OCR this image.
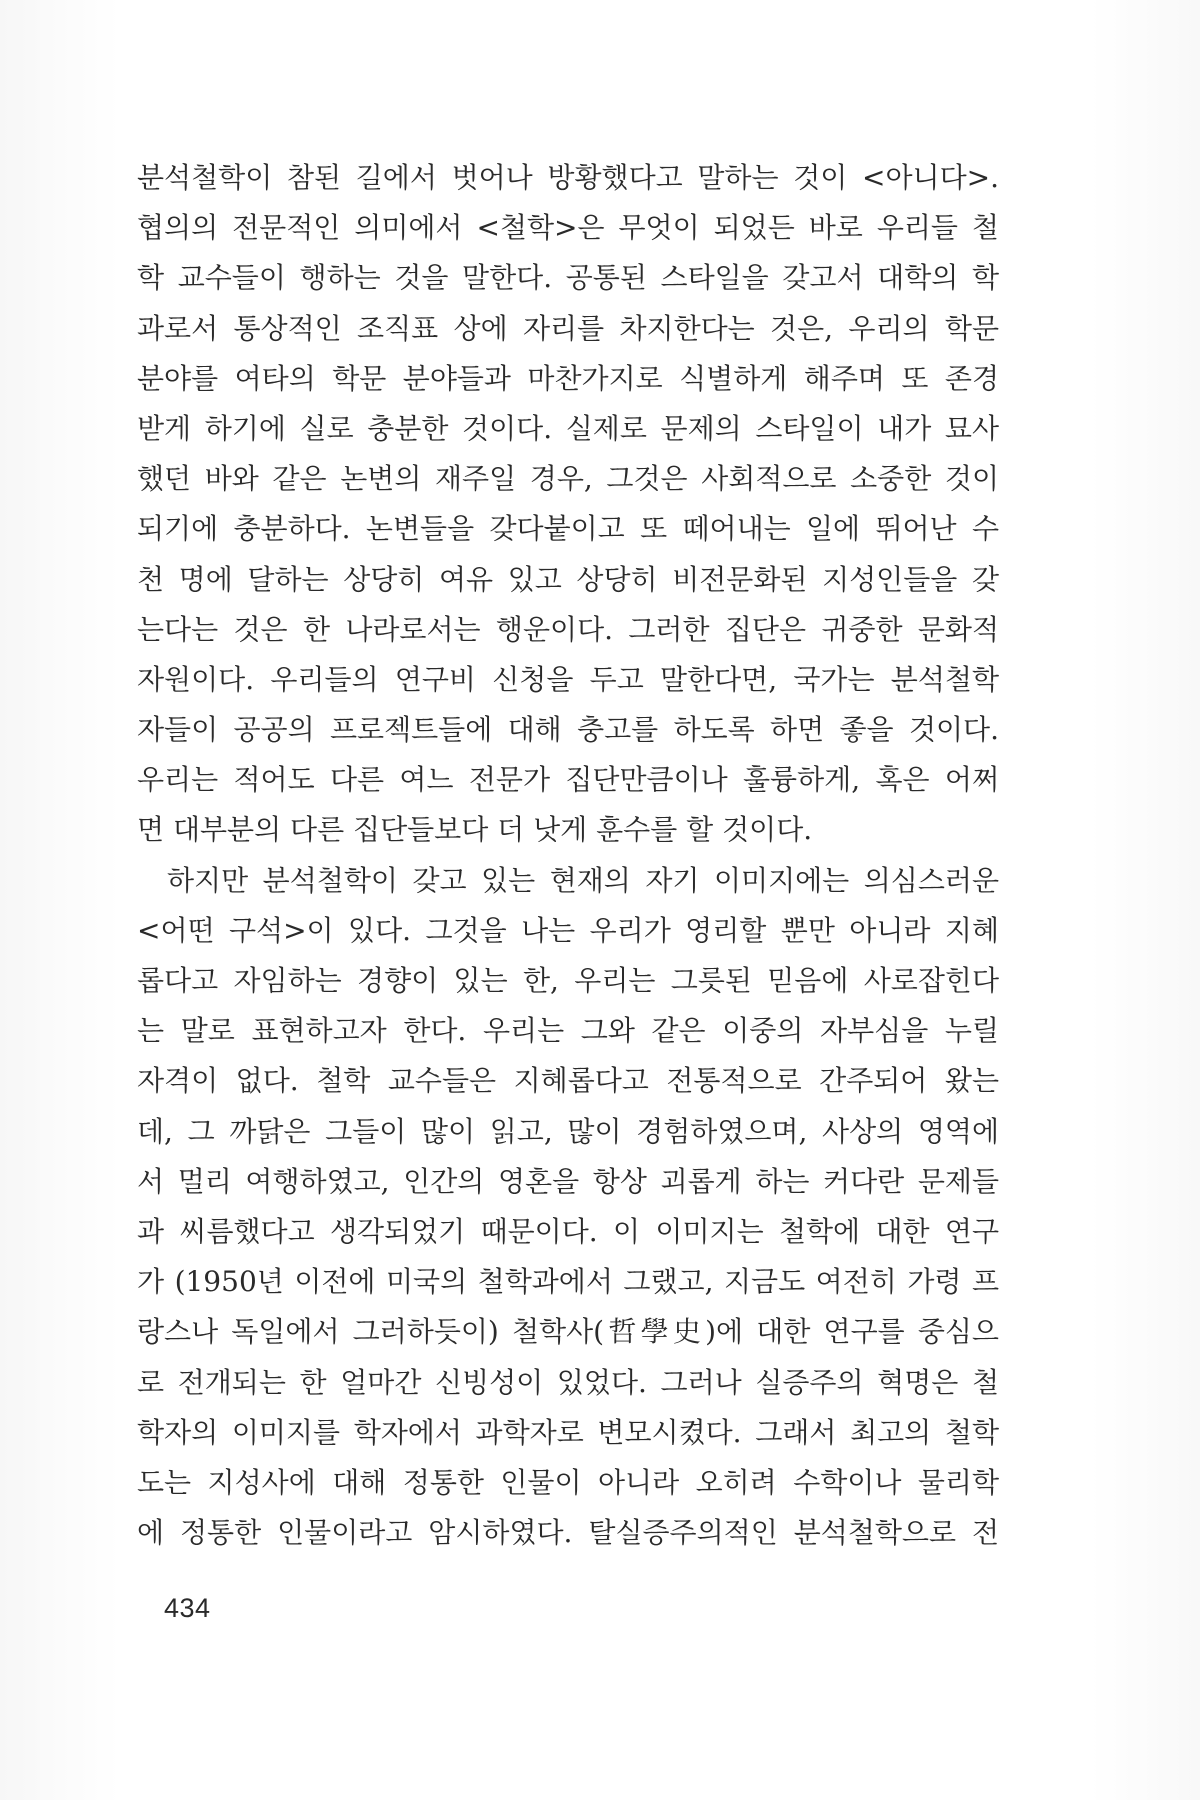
분석철학이 참된 길에서 벗어나 방황했다고 말하는 것이 <아니다>.
협의의 전문적인 의미에서 <철학>은 무엇이 되었든 바로 우리들 철
학 교수들이 행하는 것을 말한다. 공통된 스타일을 갖고서 대학의 학
과로서 통상적인 조직표 상에 자리를 차지한다는 것은, 우리의 학문
분야를 여타의 학문 분야들과 마찬가지로 식별하게 해주며 또 존경
받게 하기에 실로 충분한 것이다. 실제로 문제의 스타일이 내가 묘사
했던 바와 같은 논변의 재주일 경우, 그것은 사회적으로 소중한 것이
되기에 충분하다. 논변들을 갖다붙이고 또 떼어내는 일에 뛰어난 수
천 명에 달하는 상당히 여유 있고 상당히 비전문화된 지성인들을 갖
는다는 것은 한 나라로서는 행운이다. 그러한 집단은 귀중한 문화적
자원이다. 우리들의 연구비 신청을 두고 말한다면, 국가는 분석철학
자들이 공공의 프로젝트들에 대해 충고를 하도록 하면 좋을 것이다.
우리는 적어도 다른 여느 전문가 집단만큼이나 훌륭하게, 혹은 어쩌
면 대부분의 다른 집단들보다 더 낫게 훈수를 할 것이다.
하지만 분석철학이 갖고 있는 현재의 자기 이미지에는 의심스러운
<어떤 구석>이 있다. 그것을 나는 우리가 영리할 뿐만 아니라 지혜
롭다고 자임하는 경향이 있는 한, 우리는 그릇된 믿음에 사로잡힌다
는 말로 표현하고자 한다. 우리는 그와 같은 이중의 자부심을 누릴
자격이 없다. 철학 교수들은 지혜롭다고 전통적으로 간주되어 왔는
데, 그 까닭은 그들이 많이 읽고, 많이 경험하였으며, 사상의 영역에
서 멀리 여행하였고, 인간의 영혼을 항상 괴롭게 하는 커다란 문제들
과 씨름했다고 생각되었기 때문이다. 이 이미지는 철학에 대한 연구
가 (1950년 이전에 미국의 철학과에서 그랬고, 지금도 여전히 가령 프
랑스나 독일에서 그러하듯이) 철학사(哲學史)에 대한 연구를 중심으
로 전개되는 한 얼마간 신빙성이 있었다. 그러나 실증주의 혁명은 철
학자의 이미지를 학자에서 과학자로 변모시켰다. 그래서 최고의 철학
도는 지성사에 대해 정통한 인물이 아니라 오히려 수학이나 물리학
에 정통한 인물이라고 암시하였다. 탈실증주의적인 분석철학으로 전
434
